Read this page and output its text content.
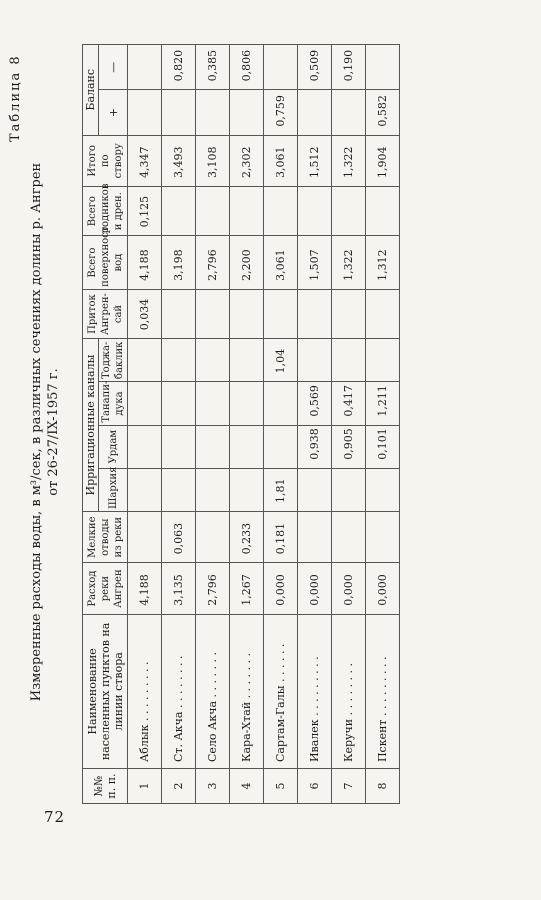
72
Таблица 8
Измеренные расходы воды, в м³/сек, в различных сечениях долины р. Ангрен от 26-27/IX-1957 г.
№№ п. п.	Наименование населенных пунктов на линии створа	Расход реки Ангрен	Мелкие отводы из реки	Ирригационные каналы				Приток Ангрен-сай	Всего поверхност. вод	Всего родников и дрен.	Итого по створу	Баланс	
				Шархия	Урдам	Танапи-дука	Тоджа-баклик					+	—
1	Аблык . . . . . . . . .	4,188						0,034	4,188	0,125	4,347		
2	Ст. Акча . . . . . . . .	3,135	0,063						3,198		3,493		0,820
3	Село Акча . . . . . . .	2,796							2,796		3,108		0,385
4	Кара-Хтай . . . . . . .	1,267	0,233						2,200		2,302		0,806
5	Сартам-Галы . . . . . .	0,000	0,181	1,81			1,04		3,061		3,061	0,759	
6	Ивалек . . . . . . . . .	0,000			0,938	0,569			1,507		1,512		0,509
7	Керучи . . . . . . . .	0,000			0,905	0,417			1,322		1,322		0,190
8	Пскент . . . . . . . . .	0,000			0,101	1,211			1,312		1,904	0,582	
